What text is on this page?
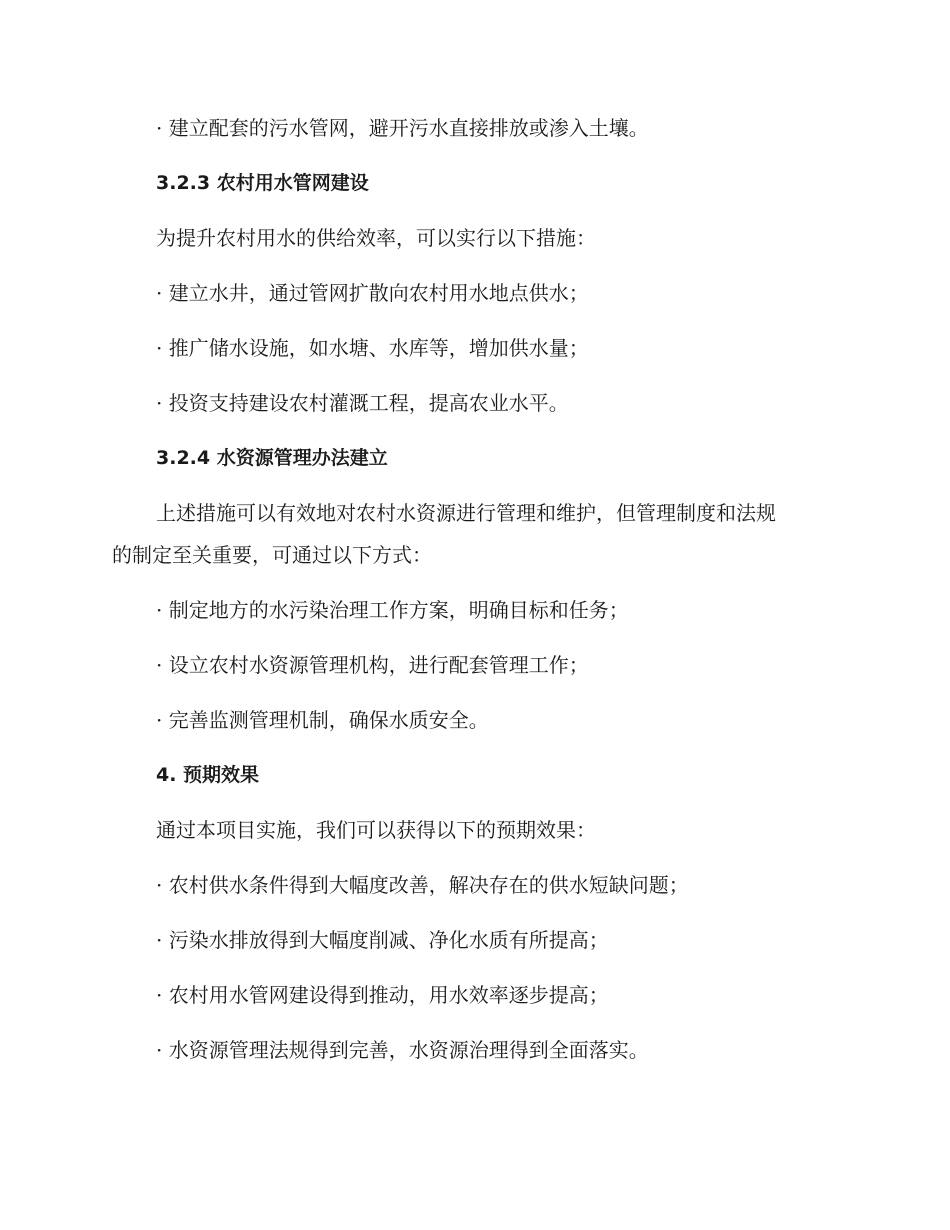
· 建立配套的污水管网，避开污水直接排放或渗入土壤。
3.2.3 农村用水管网建设
为提升农村用水的供给效率，可以实行以下措施：
· 建立水井，通过管网扩散向农村用水地点供水；
· 推广储水设施，如水塘、水库等，增加供水量；
· 投资支持建设农村灌溉工程，提高农业水平。
3.2.4 水资源管理办法建立
上述措施可以有效地对农村水资源进行管理和维护，但管理制度和法规
的制定至关重要，可通过以下方式：
· 制定地方的水污染治理工作方案，明确目标和任务；
· 设立农村水资源管理机构，进行配套管理工作；
· 完善监测管理机制，确保水质安全。
4. 预期效果
通过本项目实施，我们可以获得以下的预期效果：
· 农村供水条件得到大幅度改善，解决存在的供水短缺问题；
· 污染水排放得到大幅度削减、净化水质有所提高；
· 农村用水管网建设得到推动，用水效率逐步提高；
· 水资源管理法规得到完善，水资源治理得到全面落实。
